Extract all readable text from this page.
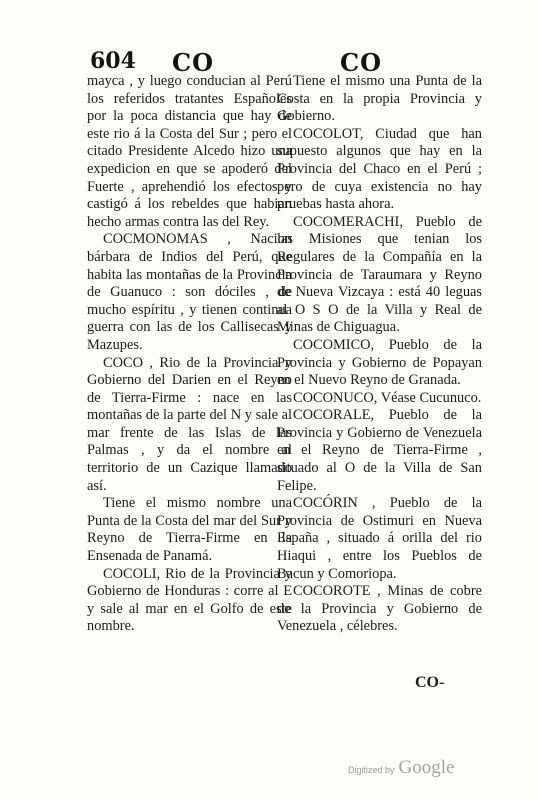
604 CO	CO

mayca , y luego conducian al Perú los referidos tratantes Españoles por la poca distancia que hay de este rio á la Costa del Sur ; pero el citado Presidente Alcedo hizo una expedicion en que se apoderó del Fuerte , aprehendió los efectos y castigó á los rebeldes que habian hecho armas contra las del Rey.

COCMONOMAS , Nacion bárbara de Indios del Perú, que habita las montañas de la Provincia de Guanuco : son dóciles , de mucho espíritu , y tienen continua guerra con las de los Callisecas y Mazupes.

COCO , Rio de la Provincia y Gobierno del Darien en el Reyno de Tierra-Firme : nace en las montañas de la parte del N y sale al mar frente de las Islas de las Palmas , y da el nombre al territorio de un Cazique llamado así.

Tiene el mismo nombre una Punta de la Costa del mar del Sur y Reyno de Tierra-Firme en la Ensenada de Panamá.

COCOLI, Rio de la Provincia y Gobierno de Honduras : corre al E y sale al mar en el Golfo de este nombre.

Tiene el mismo una Punta de la Costa en la propia Provincia y Gobierno.

COCOLOT, Ciudad que han supuesto algunos que hay en la Provincia del Chaco en el Perú ; pero de cuya existencia no hay pruebas hasta ahora.

COCOMERACHI, Pueblo de las Misiones que tenian los Regulares de la Compañía en la Provincia de Taraumara y Reyno de Nueva Vizcaya : está 40 leguas al O S O de la Villa y Real de Minas de Chiguagua.

COCOMICO, Pueblo de la Provincia y Gobierno de Popayan en el Nuevo Reyno de Granada.

COCONUCO, Véase Cucunuco.

COCORALE, Pueblo de la Provincia y Gobierno de Venezuela en el Reyno de Tierra-Firme , situado al O de la Villa de San Felipe.

COCÓRIN , Pueblo de la Provincia de Ostimuri en Nueva España , situado á orilla del rio Hiaqui , entre los Pueblos de Bacun y Comoriopa.

COCOROTE , Minas de cobre de la Provincia y Gobierno de Venezuela , célebres.

CO-
Digitized by Google
